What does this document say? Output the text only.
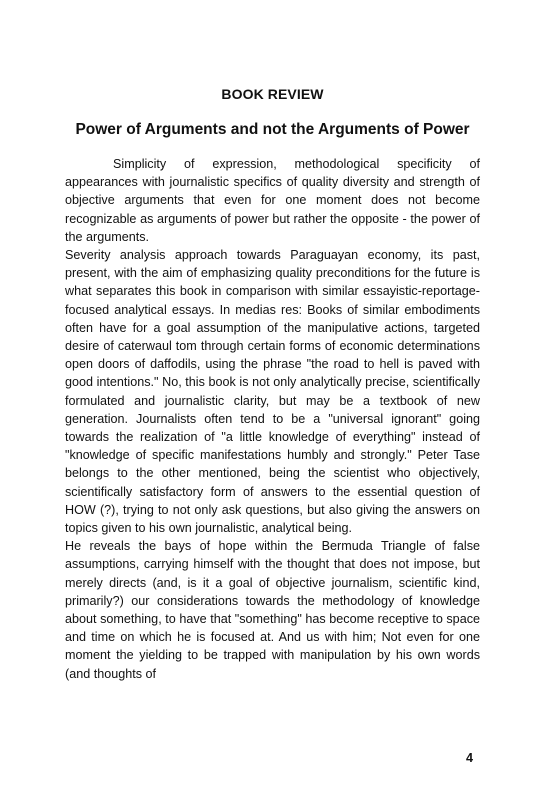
BOOK REVIEW
Power of Arguments and not the Arguments of Power

Simplicity of expression, methodological specificity of appearances with journalistic specifics of quality diversity and strength of objective arguments that even for one moment does not become recognizable as arguments of power but rather the opposite - the power of the arguments.

Severity analysis approach towards Paraguayan economy, its past, present, with the aim of emphasizing quality preconditions for the future is what separates this book in comparison with similar essayistic-reportage-focused analytical essays. In medias res: Books of similar embodiments often have for a goal assumption of the manipulative actions, targeted desire of caterwaul tom through certain forms of economic determinations open doors of daffodils, using the phrase "the road to hell is paved with good intentions." No, this book is not only analytically precise, scientifically formulated and journalistic clarity, but may be a textbook of new generation. Journalists often tend to be a "universal ignorant" going towards the realization of "a little knowledge of everything" instead of "knowledge of specific manifestations humbly and strongly." Peter Tase belongs to the other mentioned, being the scientist who objectively, scientifically satisfactory form of answers to the essential question of HOW (?), trying to not only ask questions, but also giving the answers on topics given to his own journalistic, analytical being.

He reveals the bays of hope within the Bermuda Triangle of false assumptions, carrying himself with the thought that does not impose, but merely directs (and, is it a goal of objective journalism, scientific kind, primarily?) our considerations towards the methodology of knowledge about something, to have that "something" has become receptive to space and time on which he is focused at. And us with him; Not even for one moment the yielding to be trapped with manipulation by his own words (and thoughts of

4
